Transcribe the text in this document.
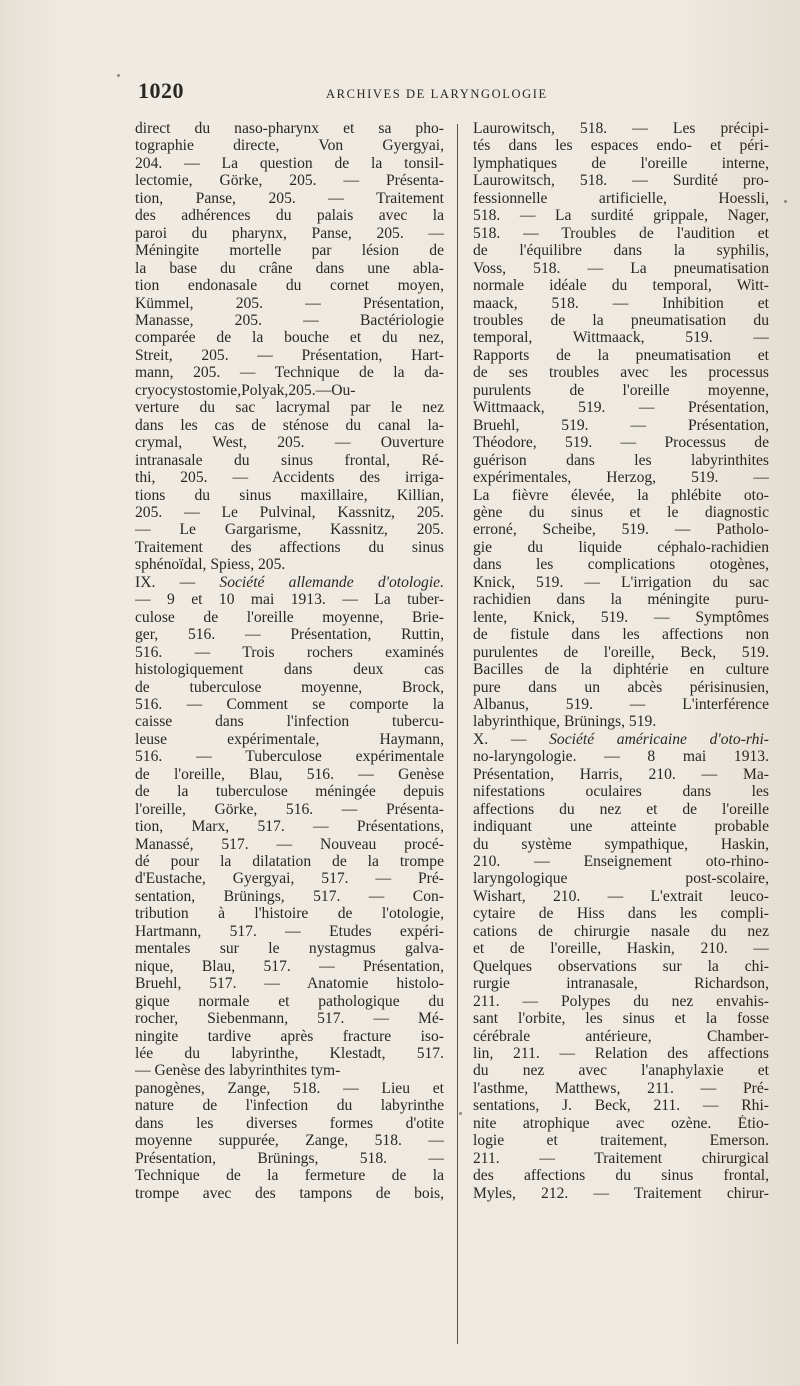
1020	ARCHIVES DE LARYNGOLOGIE
direct du naso-pharynx et sa pho-
tographie directe, Von Gyergyai,
204. — La question de la tonsil-
lectomie, Görke, 205. — Présenta-
tion, Panse, 205. — Traitement
des adhérences du palais avec la
paroi du pharynx, Panse, 205. —
Méningite mortelle par lésion de
la base du crâne dans une abla-
tion endonasale du cornet moyen,
Kümmel, 205. — Présentation,
Manasse, 205. — Bactériologie
comparée de la bouche et du nez,
Streit, 205. — Présentation, Hart-
mann, 205. — Technique de la da-
cryocystostomie,Polyak,205.—Ou-
verture du sac lacrymal par le nez
dans les cas de sténose du canal la-
crymal, West, 205. — Ouverture
intranasale du sinus frontal, Ré-
thi, 205. — Accidents des irriga-
tions du sinus maxillaire, Killian,
205. — Le Pulvinal, Kassnitz, 205.
— Le Gargarisme, Kassnitz, 205.
Traitement des affections du sinus
sphénoïdal, Spiess, 205.
IX. — Société allemande d'otologie.
— 9 et 10 mai 1913. — La tuber-
culose de l'oreille moyenne, Brie-
ger, 516. — Présentation, Ruttin,
516. — Trois rochers examinés
histologiquement dans deux cas
de tuberculose moyenne, Brock,
516. — Comment se comporte la
caisse dans l'infection tubercu-
leuse expérimentale, Haymann,
516. — Tuberculose expérimentale
de l'oreille, Blau, 516. — Genèse
de la tuberculose méningée depuis
l'oreille, Görke, 516. — Présenta-
tion, Marx, 517. — Présentations,
Manassé, 517. — Nouveau procé-
dé pour la dilatation de la trompe
d'Eustache, Gyergyai, 517. — Pré-
sentation, Brünings, 517. — Con-
tribution à l'histoire de l'otologie,
Hartmann, 517. — Etudes expéri-
mentales sur le nystagmus galva-
nique, Blau, 517. — Présentation,
Bruehl, 517. — Anatomie histolo-
gique normale et pathologique du
rocher, Siebenmann, 517. — Mé-
ningite tardive après fracture iso-
lée du labyrinthe, Klestadt, 517.
— Genèse des labyrinthites tym-
panogènes, Zange, 518. — Lieu et
nature de l'infection du labyrinthe
dans les diverses formes d'otite
moyenne suppurée, Zange, 518. —
Présentation, Brünings, 518. —
Technique de la fermeture de la
trompe avec des tampons de bois,
Laurowitsch, 518. — Les précipi-
tés dans les espaces endo- et péri-
lymphatiques de l'oreille interne,
Laurowitsch, 518. — Surdité pro-
fessionnelle artificielle, Hoessli,
518. — La surdité grippale, Nager,
518. — Troubles de l'audition et
de l'équilibre dans la syphilis,
Voss, 518. — La pneumatisation
normale idéale du temporal, Witt-
maack, 518. — Inhibition et
troubles de la pneumatisation du
temporal, Wittmaack, 519. —
Rapports de la pneumatisation et
de ses troubles avec les processus
purulents de l'oreille moyenne,
Wittmaack, 519. — Présentation,
Bruehl, 519. — Présentation,
Théodore, 519. — Processus de
guérison dans les labyrinthites
expérimentales, Herzog, 519. —
La fièvre élevée, la phlébite oto-
gène du sinus et le diagnostic
erroné, Scheibe, 519. — Patholo-
gie du liquide céphalo-rachidien
dans les complications otogènes,
Knick, 519. — L'irrigation du sac
rachidien dans la méningite puru-
lente, Knick, 519. — Symptômes
de fistule dans les affections non
purulentes de l'oreille, Beck, 519.
Bacilles de la diphtérie en culture
pure dans un abcès périsinusien,
Albanus, 519. — L'interférence
labyrinthique, Brünings, 519.
X. — Société américaine d'oto-rhi-
no-laryngologie. — 8 mai 1913.
Présentation, Harris, 210. — Ma-
nifestations oculaires dans les
affections du nez et de l'oreille
indiquant une atteinte probable
du système sympathique, Haskin,
210. — Enseignement oto-rhino-
laryngologique post-scolaire,
Wishart, 210. — L'extrait leuco-
cytaire de Hiss dans les compli-
cations de chirurgie nasale du nez
et de l'oreille, Haskin, 210. —
Quelques observations sur la chi-
rurgie intranasale, Richardson,
211. — Polypes du nez envahis-
sant l'orbite, les sinus et la fosse
cérébrale antérieure, Chamber-
lin, 211. — Relation des affections
du nez avec l'anaphylaxie et
l'asthme, Matthews, 211. — Pré-
sentations, J. Beck, 211. — Rhi-
nite atrophique avec ozène. Étio-
logie et traitement, Emerson.
211. — Traitement chirurgical
des affections du sinus frontal,
Myles, 212. — Traitement chirur-
